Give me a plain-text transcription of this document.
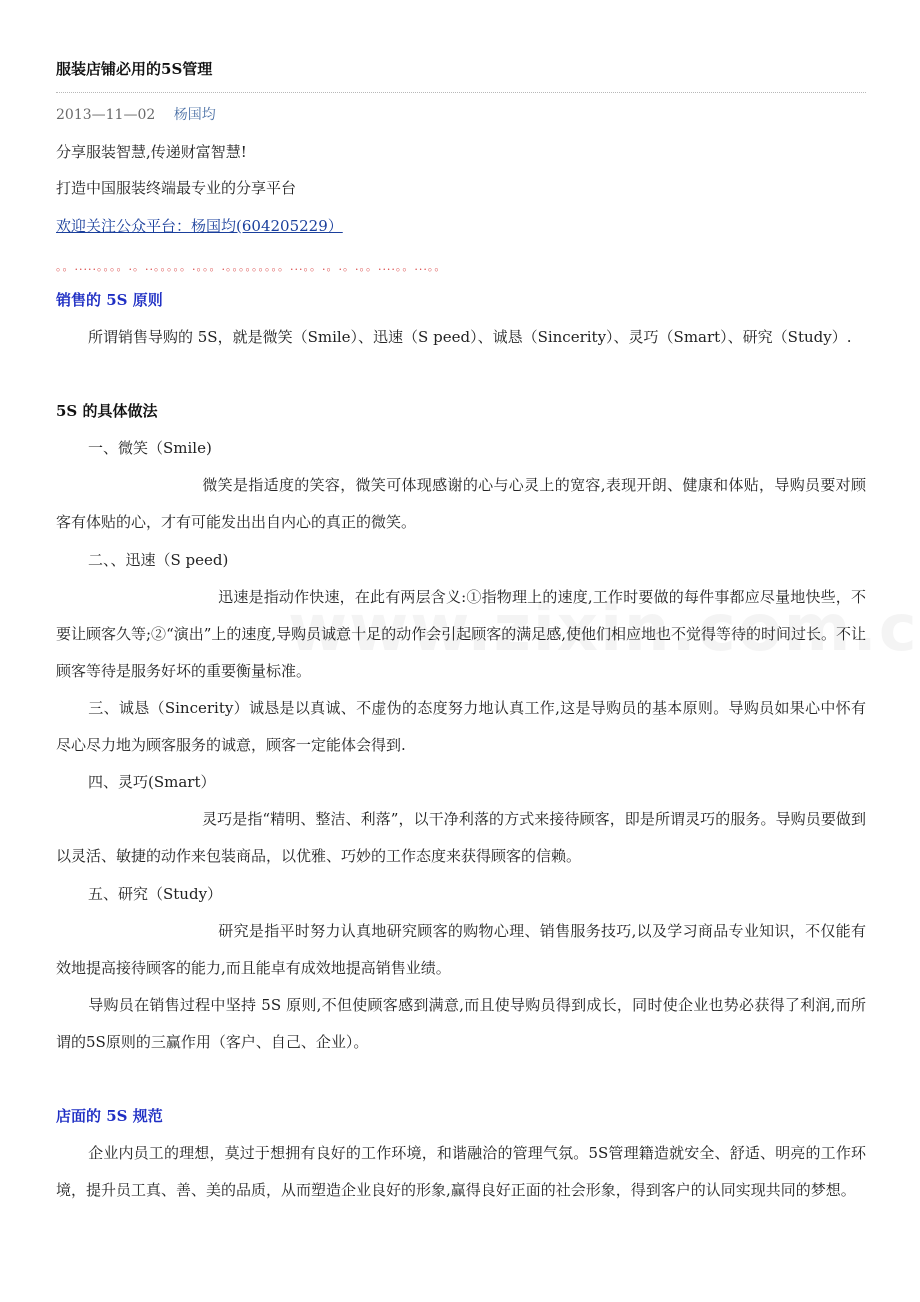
服装店铺必用的5S管理
2013—11—02 杨国均
分享服装智慧,传递财富智慧!
打造中国服装终端最专业的分享平台
欢迎关注公众平台：杨国均(604205229）
。。.....。。。。.。..。。。。。.。。。.。。。。。。。。。...。。.。.。.。。....。。...。。
销售的 5S 原则
所谓销售导购的 5S，就是微笑（Smile）、迅速（S peed）、诚恳（Sincerity）、灵巧（Smart）、研究（Study）.
5S 的具体做法
一、微笑（Smile)
微笑是指适度的笑容，微笑可体现感谢的心与心灵上的宽容,表现开朗、健康和体贴，导购员要对顾客有体贴的心，才有可能发出出自内心的真正的微笑。
二、、迅速（S peed)
迅速是指动作快速，在此有两层含义:①指物理上的速度,工作时要做的每件事都应尽量地快些，不要让顾客久等;②“演出”上的速度,导购员诚意十足的动作会引起顾客的满足感,使他们相应地也不觉得等待的时间过长。不让顾客等待是服务好坏的重要衡量标准。
三、诚恳（Sincerity）诚恳是以真诚、不虚伪的态度努力地认真工作,这是导购员的基本原则。导购员如果心中怀有尽心尽力地为顾客服务的诚意，顾客一定能体会得到.
四、灵巧(Smart）
灵巧是指“精明、整洁、利落”，以干净利落的方式来接待顾客，即是所谓灵巧的服务。导购员要做到以灵活、敏捷的动作来包装商品，以优雅、巧妙的工作态度来获得顾客的信赖。
五、研究（Study）
研究是指平时努力认真地研究顾客的购物心理、销售服务技巧,以及学习商品专业知识，不仅能有效地提高接待顾客的能力,而且能卓有成效地提高销售业绩。
导购员在销售过程中坚持 5S 原则,不但使顾客感到满意,而且使导购员得到成长，同时使企业也势必获得了利润,而所谓的5S原则的三赢作用（客户、自己、企业）。
店面的 5S 规范
企业内员工的理想，莫过于想拥有良好的工作环境，和谐融洽的管理气氛。5S管理籍造就安全、舒适、明亮的工作环境，提升员工真、善、美的品质，从而塑造企业良好的形象,赢得良好正面的社会形象，得到客户的认同实现共同的梦想。
